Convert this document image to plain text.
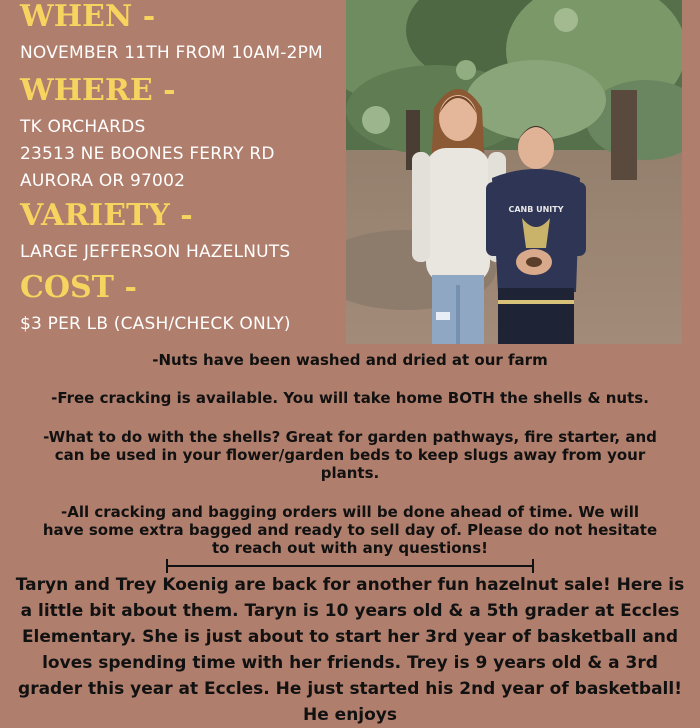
WHEN -
NOVEMBER 11TH FROM 10AM-2PM
WHERE -
TK ORCHARDS
23513 NE BOONES FERRY RD
AURORA OR 97002
VARIETY -
LARGE JEFFERSON HAZELNUTS
COST -
$3 PER LB (CASH/CHECK ONLY)
CANB UNITY
-Nuts have been washed and dried at our farm
-Free cracking is available. You will take home BOTH the shells & nuts.
-What to do with the shells? Great for garden pathways, fire starter, and can be used in your flower/garden beds to keep slugs away from your plants.
-All cracking and bagging orders will be done ahead of time. We will have some extra bagged and ready to sell day of. Please do not hesitate to reach out with any questions!
Taryn and Trey Koenig are back for another fun hazelnut sale! Here is a little bit about them. Taryn is 10 years old & a 5th grader at Eccles Elementary. She is just about to start her 3rd year of basketball and loves spending time with her friends. Trey is 9 years old & a 3rd grader this year at Eccles. He just started his 2nd year of basketball! He enjoys
